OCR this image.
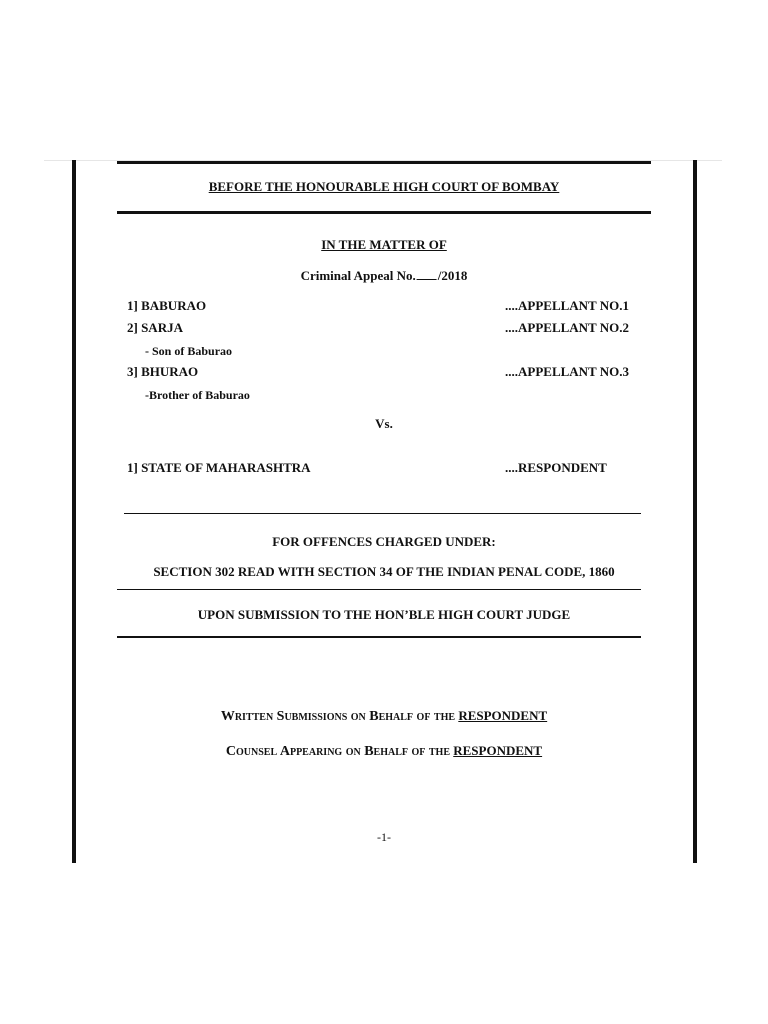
BEFORE THE HONOURABLE HIGH COURT OF BOMBAY
IN THE MATTER OF
Criminal Appeal No. /2018
1] BABURAO	....APPELLANT NO.1
2] SARJA	....APPELLANT NO.2
- Son of Baburao
3] BHURAO	....APPELLANT NO.3
-Brother of Baburao
Vs.
1] STATE OF MAHARASHTRA	....RESPONDENT
FOR OFFENCES CHARGED UNDER:
SECTION 302 READ WITH SECTION 34 OF THE INDIAN PENAL CODE, 1860
UPON SUBMISSION TO THE HON’BLE HIGH COURT JUDGE
Written Submissions on Behalf of the RESPONDENT
Counsel Appearing on Behalf of the RESPONDENT
-1-
